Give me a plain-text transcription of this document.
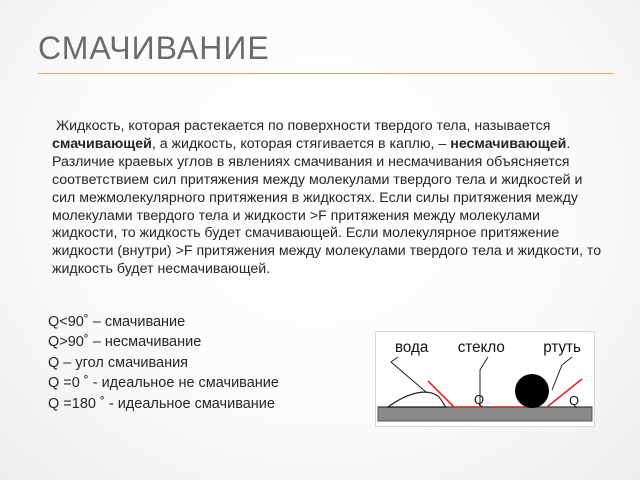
СМАЧИВАНИЕ
Жидкость, которая растекается по поверхности твердого тела, называется смачивающей, а жидкость, которая стягивается в каплю, – несмачивающей. Различие краевых углов в явлениях смачивания и несмачивания объясняется соответствием сил притяжения между молекулами твердого тела и жидкостей и сил межмолекулярного притяжения в жидкостях. Если силы притяжения между молекулами твердого тела и жидкости >F притяжения между молекулами жидкости, то жидкость будет смачивающей. Если молекулярное притяжение жидкости (внутри) >F притяжения между молекулами твердого тела и жидкости, то жидкость будет несмачивающей.
Q<90˚ – смачивание
Q>90˚ – несмачивание
Q – угол смачивания
Q =0 ˚ - идеальное не смачивание
Q =180 ˚ - идеальное смачивание
вода стекло ртуть
Q	Q
